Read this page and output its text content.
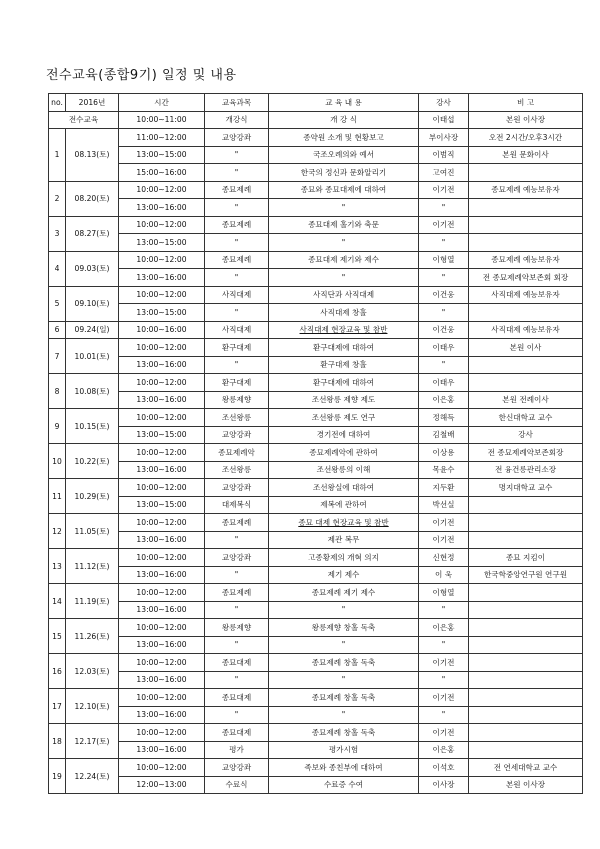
전수교육(종합9기) 일정 및 내용
no.	2016년	시간	교육과목	교 육 내 용	강사	비 고
전수교육		10:00~11:00	개강식	개 강 식	이태섭	본원 이사장
1	08.13(토)	11:00~12:00	교양강좌	종약원 소개 및 현황보고	부이사장	오전 2시간/오후3시간
		13:00~15:00	"	국조오례의와 예서	이범직	본원 문화이사
		15:00~16:00	"	한국의 정신과 문화알리기	고여진	
2	08.20(토)	10:00~12:00	종묘제례	종묘와 종묘대제에 대하여	이기전	종묘제례 예능보유자
		13:00~16:00	"	"	"	
3	08.27(토)	10:00~12:00	종묘제례	종묘대제 홀기와 축문	이기전	
		13:00~15:00	"	"	"	
4	09.03(토)	10:00~12:00	종묘제례	종묘대제 제기와 제수	이형열	종묘제례 예능보유자
		13:00~16:00	"	"	"	전 종묘제례악보존회 회장
5	09.10(토)	10:00~12:00	사직대제	사직단과 사직대제	이건웅	사직대제 예능보유자
		13:00~15:00	"	사직대제 창홀	"	
6	09.24(일)	10:00~16:00	사직대제	사직대제 현장교육 및 참반	이건웅	사직대제 예능보유자
7	10.01(토)	10:00~12:00	환구대제	환구대제에 대하여	이태우	본원 이사
		13:00~16:00	"	환구대제 창홀	"	
8	10.08(토)	10:00~12:00	환구대제	환구대제에 대하여	이태우	
		13:00~16:00	왕릉제향	조선왕릉 제향 제도	이은홍	본원 전례이사
9	10.15(토)	10:00~12:00	조선왕릉	조선왕릉 제도 연구	정해득	한신대학교 교수
		13:00~15:00	교양강좌	경기전에 대하여	김철배	강사
10	10.22(토)	10:00~12:00	종묘제례악	종묘제례악에 관하여	이상용	전 종묘제례악보존회장
		13:00~16:00	조선왕릉	조선왕릉의 이해	목윤수	전 융건릉관리소장
11	10.29(토)	10:00~12:00	교양강좌	조선왕실에 대하여	지두환	명지대학교 교수
		13:00~15:00	대제복식	제복에 관하여	박선실	
12	11.05(토)	10:00~12:00	종묘제례	종묘 대제 현장교육 및 참반	이기전	
		13:00~16:00	"	제관 복무	이기전	
13	11.12(토)	10:00~12:00	교양강좌	고종황제의 개혁 의지	신현정	종묘 지킴이
		13:00~16:00	"	제기 제수	이 욱	한국학중앙연구원 연구원
14	11.19(토)	10:00~12:00	종묘제례	종묘제례 제기 제수	이형열	
		13:00~16:00	"	"	"	
15	11.26(토)	10:00~12:00	왕릉제향	왕릉제향 창홀 독축	이은홍	
		13:00~16:00	"	"	"	
16	12.03(토)	10:00~12:00	종묘대제	종묘제례 창홀 독축	이기전	
		13:00~16:00	"	"	"	
17	12.10(토)	10:00~12:00	종묘대제	종묘제례 창홀 독축	이기전	
		13:00~16:00	"	"	"	
18	12.17(토)	10:00~12:00	종묘대제	종묘제례 창홀 독축	이기전	
		13:00~16:00	평가	평가시험	이은홍	
19	12.24(토)	10:00~12:00	교양강좌	족보와 종친부에 대하여	이석호	전 연세대학교 교수
		12:00~13:00	수료식	수료증 수여	이사장	본원 이사장
